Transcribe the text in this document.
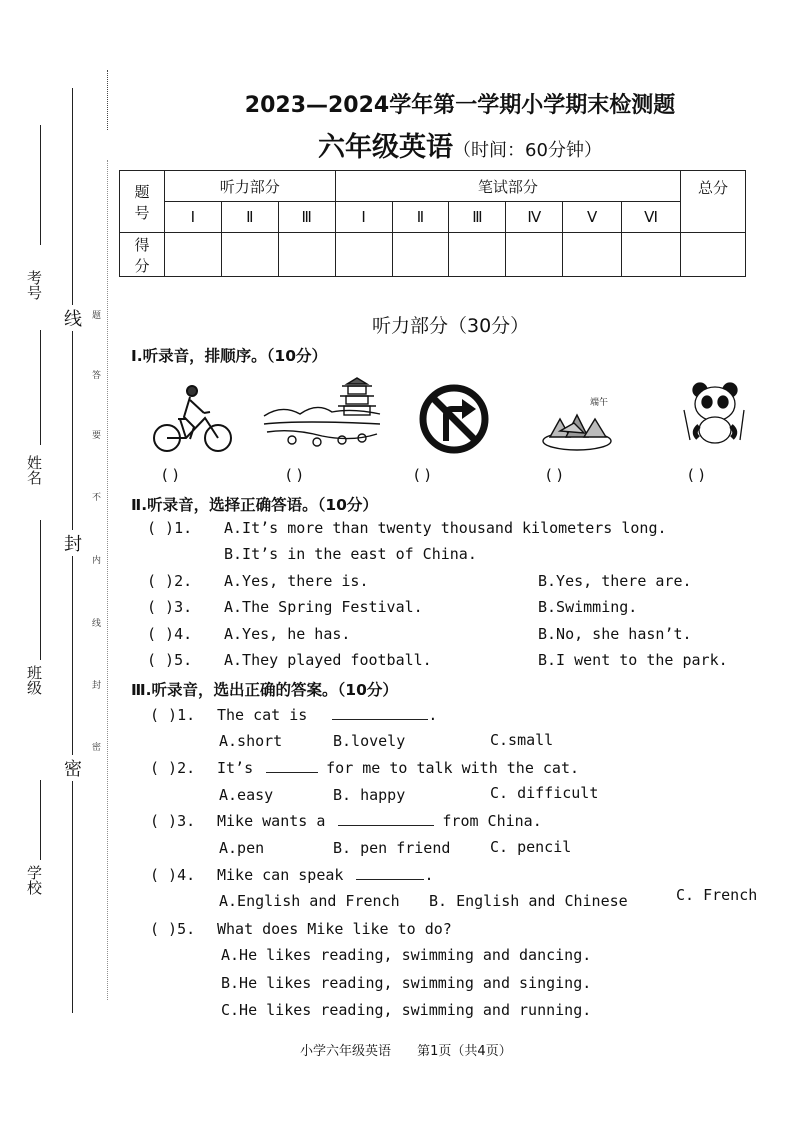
考号
姓名
班级
学校
线
封
密
题
答
要
不
内
线
封
密
2023—2024学年第一学期小学期末检测题
六年级英语（时间：60分钟）
题
号	听力部分			笔试部分						总分
	Ⅰ	Ⅱ	Ⅲ	Ⅰ	Ⅱ	Ⅲ	Ⅳ	Ⅴ	Ⅵ	
得
分										
听力部分（30分）
Ⅰ.听录音，排顺序。（10分）
端午
( )	( )	( )	( )	( )
Ⅱ.听录音，选择正确答语。（10分）
( )1. A.It’s more than twenty thousand kilometers long.
B.It’s in the east of China.
( )2. A.Yes, there is.	B.Yes, there are.
( )3. A.The Spring Festival.	B.Swimming.
( )4. A.Yes, he has.	B.No, she hasn’t.
( )5. A.They played football.	B.I went to the park.
Ⅲ.听录音，选出正确的答案。（10分）
( )1. The cat is	.
A.short	B.lovely	C.small
( )2. It’s	for me to talk with the cat.
A.easy	B. happy	C. difficult
( )3. Mike wants a	from China.
A.pen	B. pen friend	C. pencil
( )4. Mike can speak	.
A.English and French B. English and Chinese	C. French
( )5. What does Mike like to do?
A.He likes reading, swimming and dancing.
B.He likes reading, swimming and singing.
C.He likes reading, swimming and running.
小学六年级英语 第1页（共4页）
